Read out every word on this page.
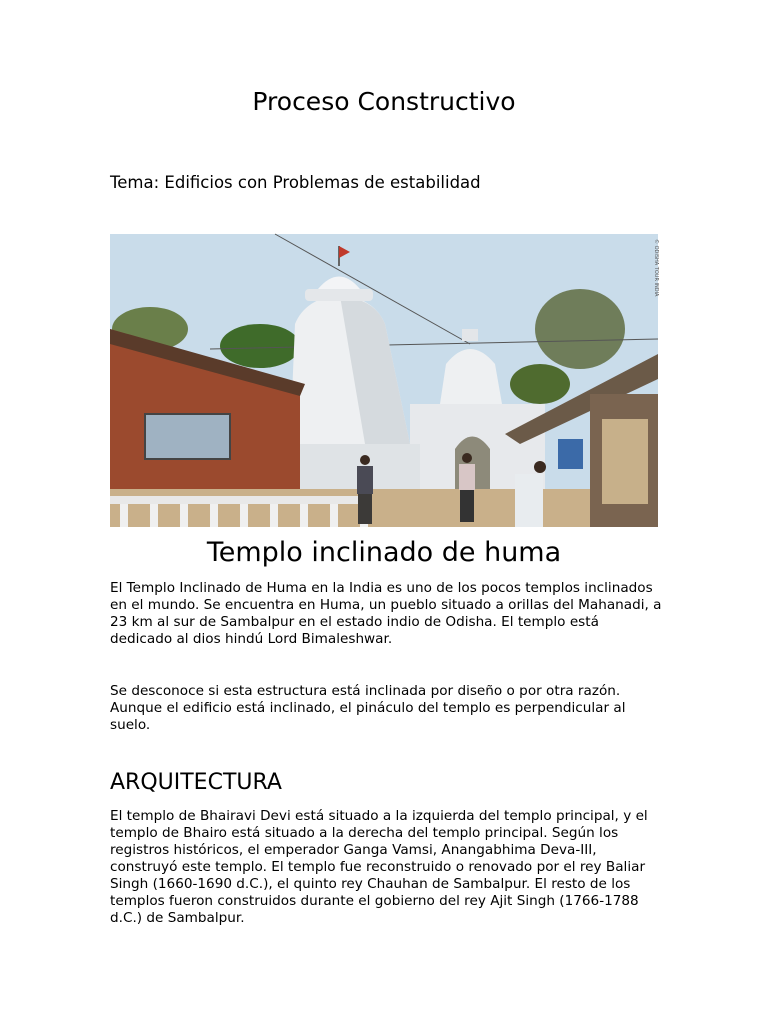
Proceso Constructivo

Tema: Edificios con Problemas de estabilidad

© ODISHA TOUR INDIA
Templo inclinado de huma

El Templo Inclinado de Huma en la India es uno de los pocos templos inclinados en el mundo. Se encuentra en Huma, un pueblo situado a orillas del Mahanadi, a 23 km al sur de Sambalpur en el estado indio de Odisha. El templo está dedicado al dios hindú Lord Bimaleshwar.

Se desconoce si esta estructura está inclinada por diseño o por otra razón. Aunque el edificio está inclinado, el pináculo del templo es perpendicular al suelo.

ARQUITECTURA

El templo de Bhairavi Devi está situado a la izquierda del templo principal, y el templo de Bhairo está situado a la derecha del templo principal. Según los registros históricos, el emperador Ganga Vamsi, Anangabhima Deva-III, construyó este templo. El templo fue reconstruido o renovado por el rey Baliar Singh (1660-1690 d.C.), el quinto rey Chauhan de Sambalpur. El resto de los templos fueron construidos durante el gobierno del rey Ajit Singh (1766-1788 d.C.) de Sambalpur.
